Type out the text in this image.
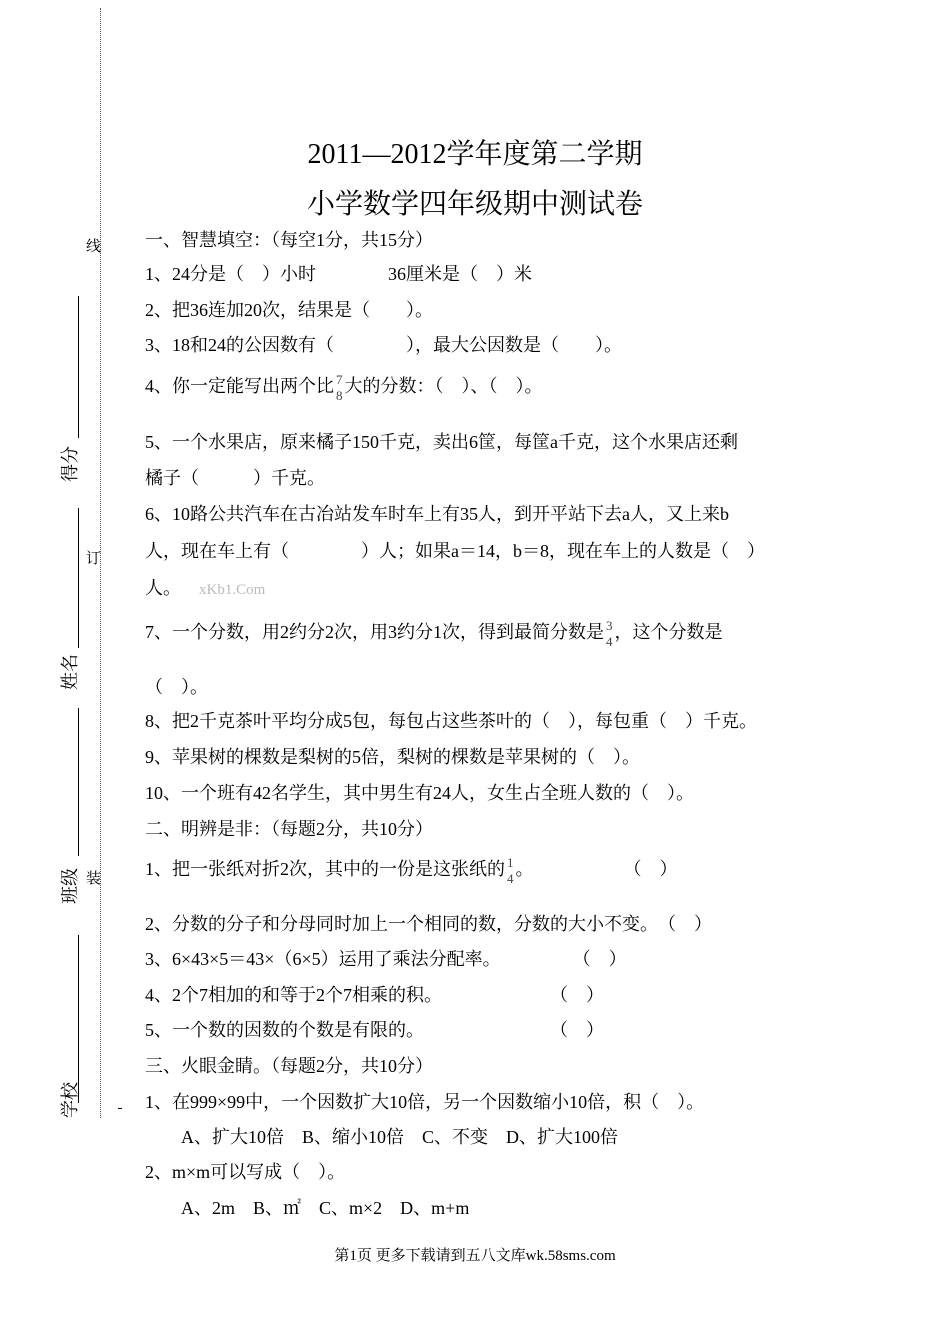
线
订
装
学校
班级
姓名
得分
2011—2012学年度第二学期
小学数学四年级期中测试卷
一、智慧填空：（每空1分，共15分）
1、24分是（　）小时　　　　36厘米是（　）米
2、把36连加20次，结果是（　　）。
3、18和24的公因数有（　　　　），最大公因数是（　　）。
4、你一定能写出两个比 7
8 大的分数：（　）、（　）。
5、一个水果店，原来橘子150千克，卖出6筐，每筐a千克，这个水果店还剩
橘子（　　　）千克。
6、10路公共汽车在古冶站发车时车上有35人，到开平站下去a人，又上来b
人，现在车上有（　　　　）人；如果a＝14，b＝8，现在车上的人数是（　）
人。 xKb1.Com
7、一个分数，用2约分2次，用3约分1次，得到最简分数是 3
4 ，这个分数是
（　）。
8、把2千克茶叶平均分成5包，每包占这些茶叶的（　），每包重（　）千克。
9、苹果树的棵数是梨树的5倍，梨树的棵数是苹果树的（　）。
10、一个班有42名学生，其中男生有24人，女生占全班人数的（　）。
二、明辨是非：（每题2分，共10分）
1、把一张纸对折2次，其中的一份是这张纸的 1
4 。　　　　　　（　）
2、分数的分子和分母同时加上一个相同的数，分数的大小不变。　（　）
3、6×43×5＝43×（6×5）运用了乘法分配率。　　　　　（　）
4、2个7相加的和等于2个7相乘的积。　　　　　　　（　）
5、一个数的因数的个数是有限的。　　　　　　　　（　）
三、火眼金睛。（每题2分，共10分）
1、在999×99中，一个因数扩大10倍，另一个因数缩小10倍，积（　）。
　　A、扩大10倍　B、缩小10倍　C、不变　D、扩大100倍
2、m×m可以写成（　）。
　　A、2m　B、㎡　C、m×2　D、m+m
第1页 更多下载请到五八文库wk.58sms.com
